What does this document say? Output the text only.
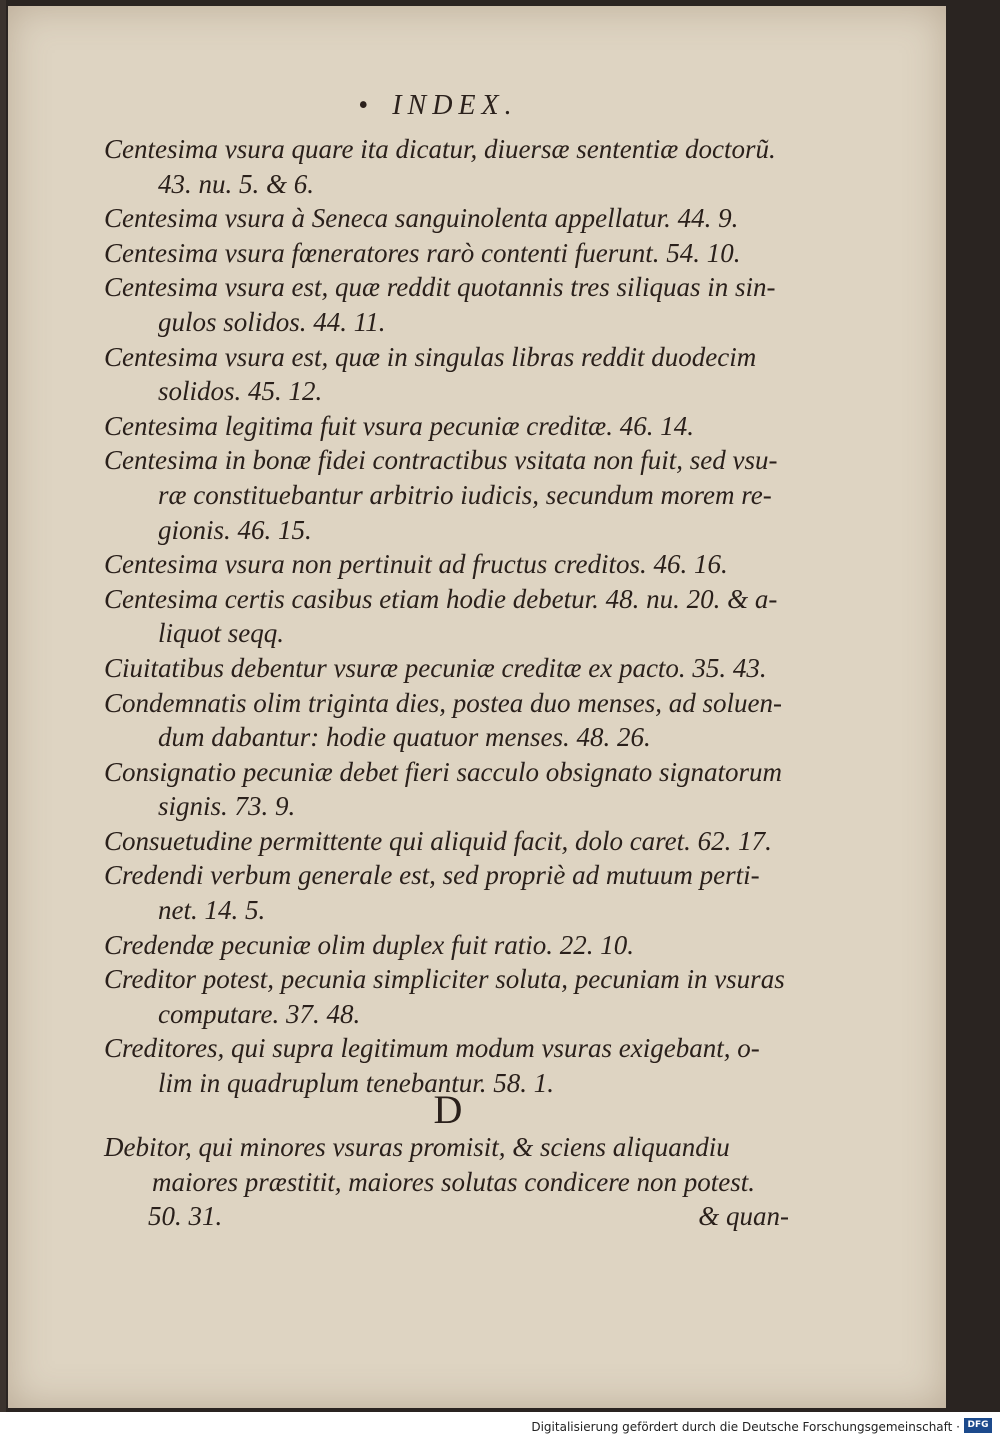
• INDEX.

Centesima vsura quare ita dicatur, diuersæ sententiæ doctorũ.
43. nu. 5. & 6.

Centesima vsura à Seneca sanguinolenta appellatur. 44. 9.

Centesima vsura fœneratores rarò contenti fuerunt. 54. 10.

Centesima vsura est, quæ reddit quotannis tres siliquas in sin-
gulos solidos. 44. 11.

Centesima vsura est, quæ in singulas libras reddit duodecim
solidos. 45. 12.

Centesima legitima fuit vsura pecuniæ creditæ. 46. 14.

Centesima in bonæ fidei contractibus vsitata non fuit, sed vsu-
ræ constituebantur arbitrio iudicis, secundum morem re-
gionis. 46. 15.

Centesima vsura non pertinuit ad fructus creditos. 46. 16.

Centesima certis casibus etiam hodie debetur. 48. nu. 20. & a-
liquot seqq.

Ciuitatibus debentur vsuræ pecuniæ creditæ ex pacto. 35. 43.

Condemnatis olim triginta dies, postea duo menses, ad soluen-
dum dabantur: hodie quatuor menses. 48. 26.

Consignatio pecuniæ debet fieri sacculo obsignato signatorum
signis. 73. 9.

Consuetudine permittente qui aliquid facit, dolo caret. 62. 17.

Credendi verbum generale est, sed propriè ad mutuum perti-
net. 14. 5.

Credendæ pecuniæ olim duplex fuit ratio. 22. 10.

Creditor potest, pecunia simpliciter soluta, pecuniam in vsuras
computare. 37. 48.

Creditores, qui supra legitimum modum vsuras exigebant, o-
lim in quadruplum tenebantur. 58. 1.

D

Debitor, qui minores vsuras promisit, & sciens aliquandiu
maiores præstitit, maiores solutas condicere non potest.
50. 31.	& quan-

Digitalisierung gefördert durch die Deutsche Forschungsgemeinschaft · DFG
